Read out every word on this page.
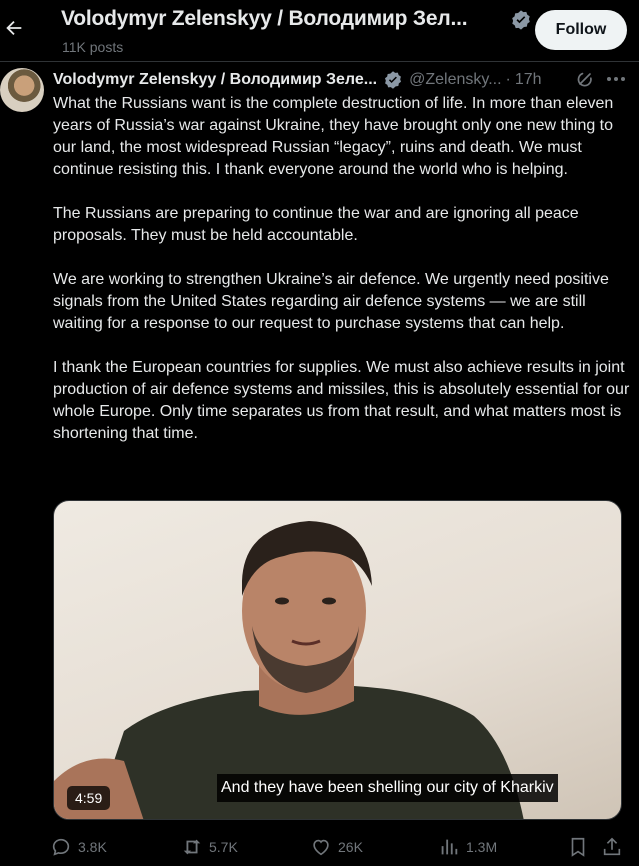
Volodymyr Zelenskyy / Володимир Зел...
11K posts
Follow
Volodymyr Zelenskyy / Володимир Зеле... @Zelensky... · 17h

What the Russians want is the complete destruction of life. In more than eleven years of Russia’s war against Ukraine, they have brought only one new thing to our land, the most widespread Russian “legacy”, ruins and death. We must continue resisting this. I thank everyone around the world who is helping.

The Russians are preparing to continue the war and are ignoring all peace proposals. They must be held accountable.

We are working to strengthen Ukraine’s air defence. We urgently need positive signals from the United States regarding air defence systems — we are still waiting for a response to our request to purchase systems that can help.

I thank the European countries for supplies. We must also achieve results in joint production of air defence systems and missiles, this is absolutely essential for our whole Europe. Only time separates us from that result, and what matters most is shortening that time.

And they have been shelling our city of Kharkiv
4:59
3.8K	5.7K	26K	1.3M
